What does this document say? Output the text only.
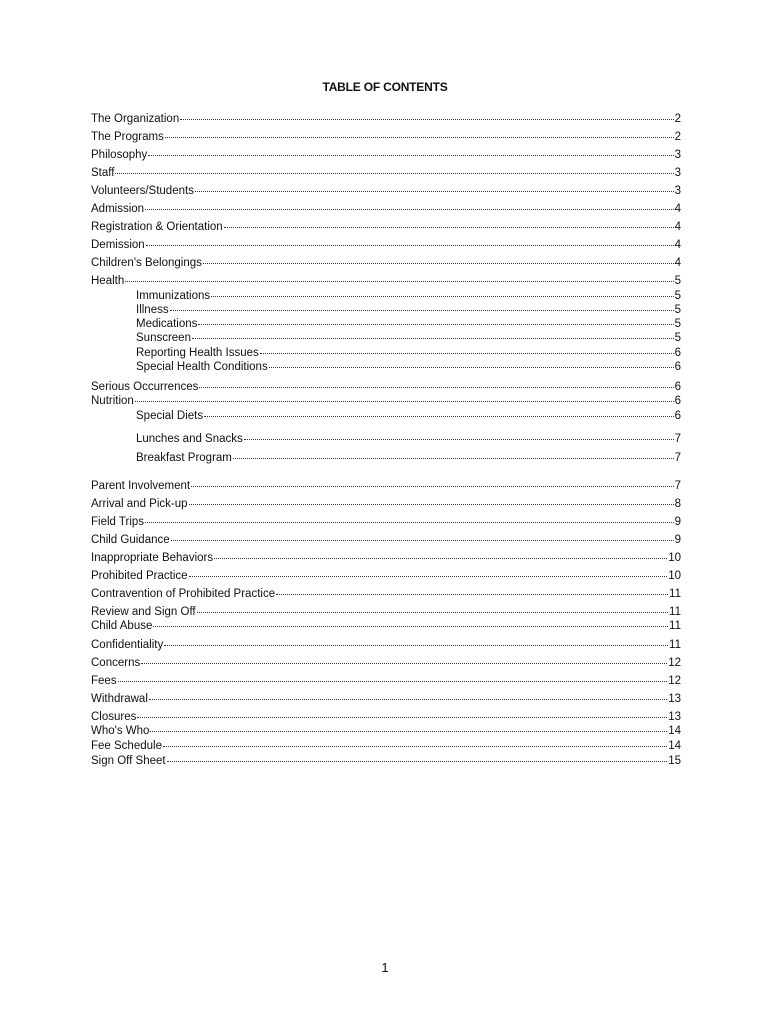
TABLE OF CONTENTS
The Organization	2
The Programs	2
Philosophy	3
Staff	3
Volunteers/Students	3
Admission	4
Registration & Orientation	4
Demission	4
Children's Belongings	4
Health	5
Immunizations	5
Illness	5
Medications	5
Sunscreen	5
Reporting Health Issues	6
Special Health Conditions	6
Serious Occurrences	6
Nutrition	6
Special Diets	6
Lunches and Snacks	7
Breakfast Program	7
Parent Involvement	7
Arrival and Pick-up	8
Field Trips	9
Child Guidance	9
Inappropriate Behaviors	10
Prohibited Practice	10
Contravention of Prohibited Practice	11
Review and Sign Off	11
Child Abuse	11
Confidentiality	11
Concerns	12
Fees	12
Withdrawal	13
Closures	13
Who's Who	14
Fee Schedule	14
Sign Off Sheet	15
1
